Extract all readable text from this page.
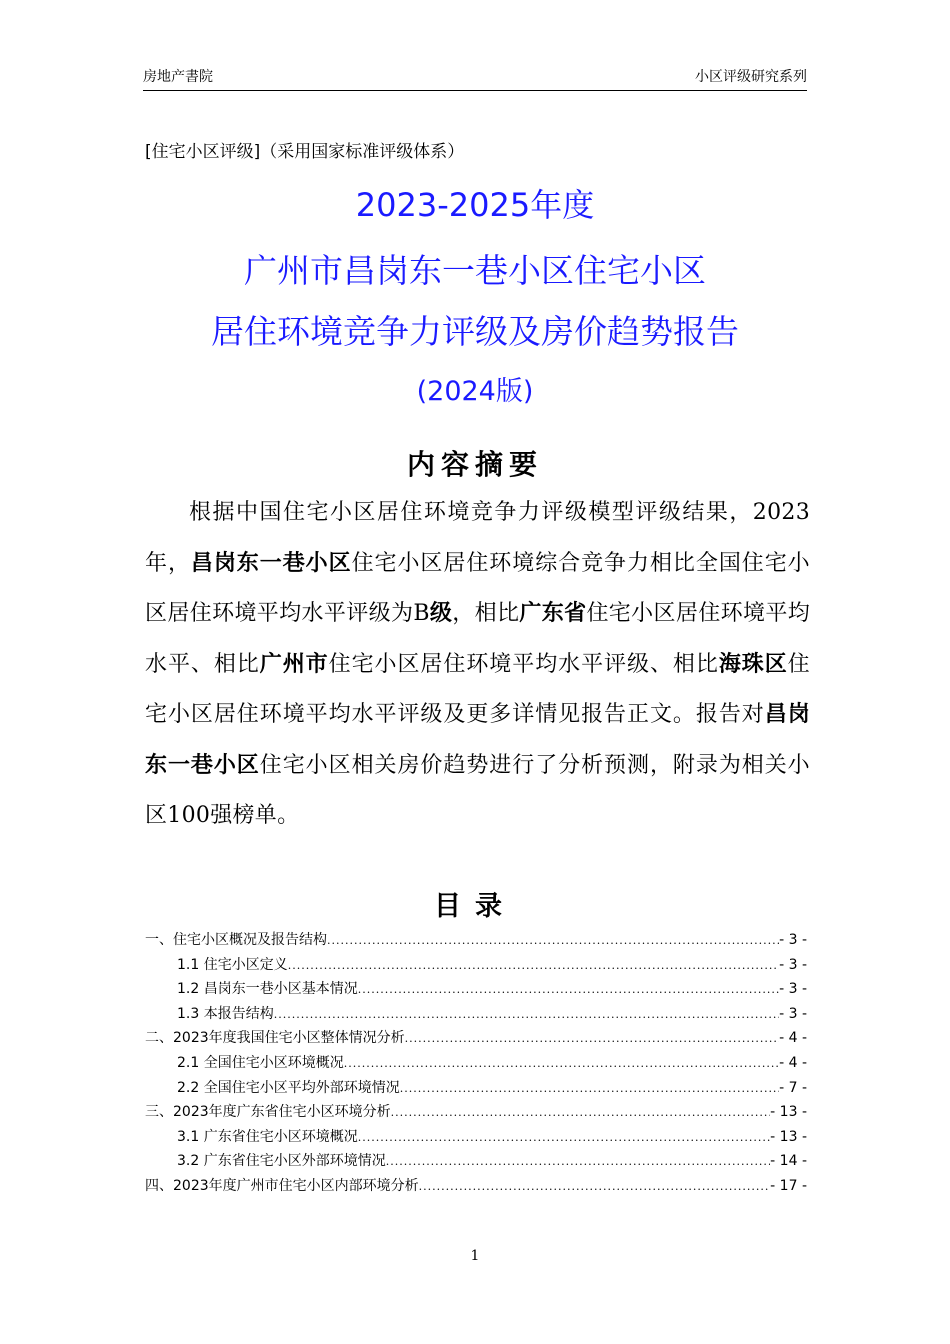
房地产書院	小区评级研究系列
[住宅小区评级]（采用国家标准评级体系）
2023-2025年度
广州市昌岗东一巷小区住宅小区
居住环境竞争力评级及房价趋势报告
(2024版)
内容摘要
根据中国住宅小区居住环境竞争力评级模型评级结果，2023年，昌岗东一巷小区住宅小区居住环境综合竞争力相比全国住宅小区居住环境平均水平评级为B级，相比广东省住宅小区居住环境平均水平、相比广州市住宅小区居住环境平均水平评级、相比海珠区住宅小区居住环境平均水平评级及更多详情见报告正文。报告对昌岗东一巷小区住宅小区相关房价趋势进行了分析预测，附录为相关小区100强榜单。
目录
一、住宅小区概况及报告结构 .....	- 3 -
1.1 住宅小区定义 .....	- 3 -
1.2 昌岗东一巷小区基本情况 .....	- 3 -
1.3 本报告结构 .....	- 3 -
二、2023年度我国住宅小区整体情况分析 .....	- 4 -
2.1 全国住宅小区环境概况 .....	- 4 -
2.2 全国住宅小区平均外部环境情况 .....	- 7 -
三、2023年度广东省住宅小区环境分析 .....	- 13 -
3.1 广东省住宅小区环境概况 .....	- 13 -
3.2 广东省住宅小区外部环境情况 .....	- 14 -
四、2023年度广州市住宅小区内部环境分析 .....	- 17 -
1
